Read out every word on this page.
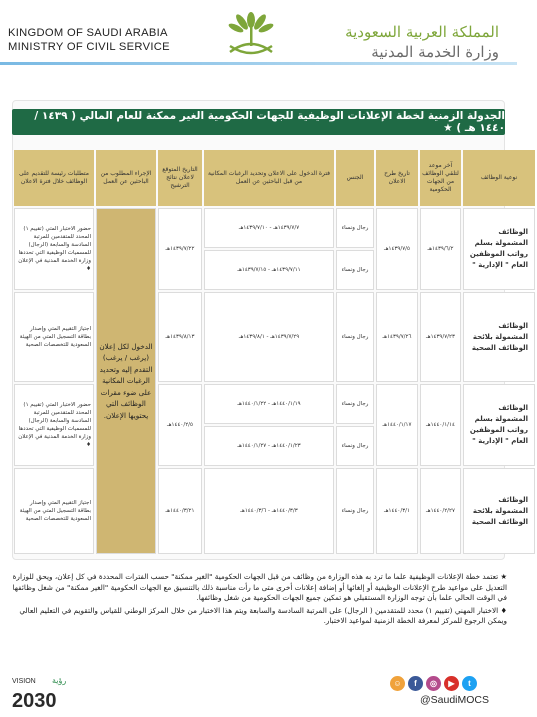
KINGDOM OF SAUDI ARABIA
MINISTRY OF CIVIL SERVICE
المملكة العربية السعودية
وزارة الخدمة المدنية
الجدولة الزمنية لخطة الإعلانات الوظيفية للجهات الحكومية الغير ممكنة للعام المالي ( ١٤٣٩ / ١٤٤٠ هـ ) ★
نوعية الوظائف	آخر موعد لتلقي الوظائف من الجهات الحكومية	تاريخ طرح الاعلان	الجنس	فترة الدخول على الاعلان وتحديد الرغبات المكانية من قبل الباحثين عن العمل	التاريخ المتوقع لاعلان نتائج الترشيح	الإجراء المطلوب من الباحثين عن العمل	متطلبات رئيسة للتقديم على الوظائف خلال فترة الاعلان
الوظائف المشمولة بسلم رواتب الموظفين العام " الإدارية "	١٤٣٩/٦/٢هـ	١٤٣٩/٧/٥هـ	رجال ونساء	١٤٣٩/٧/٧هـ - ١٤٣٩/٧/١٠هـ	١٤٣٩/٧/٢٢هـ	الدخول لكل إعلان (يرغب / يرغب) التقدم إليه وتحديد الرغبات المكانية على ضوء مقرات الوظائف التي يحتويها الإعلان.	حضور الاختبار المتي (تقييم ١) المحدد للمتقدمين للمرتبة السادسة والسابعة (الرجال) للمسميات الوظيفية التي تحددها وزارة الخدمة المدنية في الإعلان ♦
			رجال ونساء	١٤٣٩/٧/١١هـ - ١٤٣٩/٧/١٥هـ			
الوظائف المشمولة بلائحة الوظائف الصحية	١٤٣٩/٧/٢٣هـ	١٤٣٩/٧/٢٦هـ	رجال ونساء	١٤٣٩/٧/٢٩هـ - ١٤٣٩/٨/١هـ	١٤٣٩/٨/١٣هـ		اجتياز التقييم المتي وإصدار بطاقة التسجيل المتي من الهيئة السعودية للتخصصات الصحية
الوظائف المشمولة بسلم رواتب الموظفين العام " الإدارية "	١٤٤٠/١/١٤هـ	١٤٤٠/١/١٧هـ	رجال ونساء	١٤٤٠/١/١٩هـ - ١٤٤٠/١/٢٢هـ	١٤٤٠/٢/٥هـ		حضور الاختبار المتي (تقييم ١) المحدد للمتقدمين للمرتبة السادسة والسابعة (الرجال) للمسميات الوظيفية التي تحددها وزارة الخدمة المدنية في الإعلان ♦
			رجال ونساء	١٤٤٠/١/٢٣هـ - ١٤٤٠/١/٢٧هـ			
الوظائف المشمولة بلائحة الوظائف الصحية	١٤٤٠/٢/٢٧هـ	١٤٤٠/٣/١هـ	رجال ونساء	١٤٤٠/٣/٣هـ - ١٤٤٠/٣/٦هـ	١٤٤٠/٣/٢١هـ		اجتياز التقييم المتي وإصدار بطاقة التسجيل المتي من الهيئة السعودية للتخصصات الصحية

★ تعتمد خطة الإعلانات الوظيفية علما ما ترد به هذه الوزارة من وظائف من قبل الجهات الحكومية "الغير ممكنة" حسب الفترات المحددة في كل إعلان، ويحق للوزارة التعديل على مواعيد طرح الإعلانات الوظيفية أو إلغائها أو إضافة إعلانات أخرى متى ما رأت مناسبة ذلك بالتنسيق مع الجهات الحكومية "الغير ممكنة" من شغل وظائفها في الوقت الحالي علما بأن توجه الوزارة المستقبلي هو تمكين جميع الجهات الحكومية من شغل وظائفها.

♦ الاختبار المهني (تقييم ١) محدد للمتقدمين ( الرجال) على المرتبة السادسة والسابعة ويتم هذا الاختبار من خلال المركز الوطني للقياس والتقويم في التعليم العالي ويمكن الرجوع للمركز لمعرفة الخطة الزمنية لمواعيد الاختبار.

VISION رؤية
2030
☺	f	◎	▶	t
@SaudiMOCS
